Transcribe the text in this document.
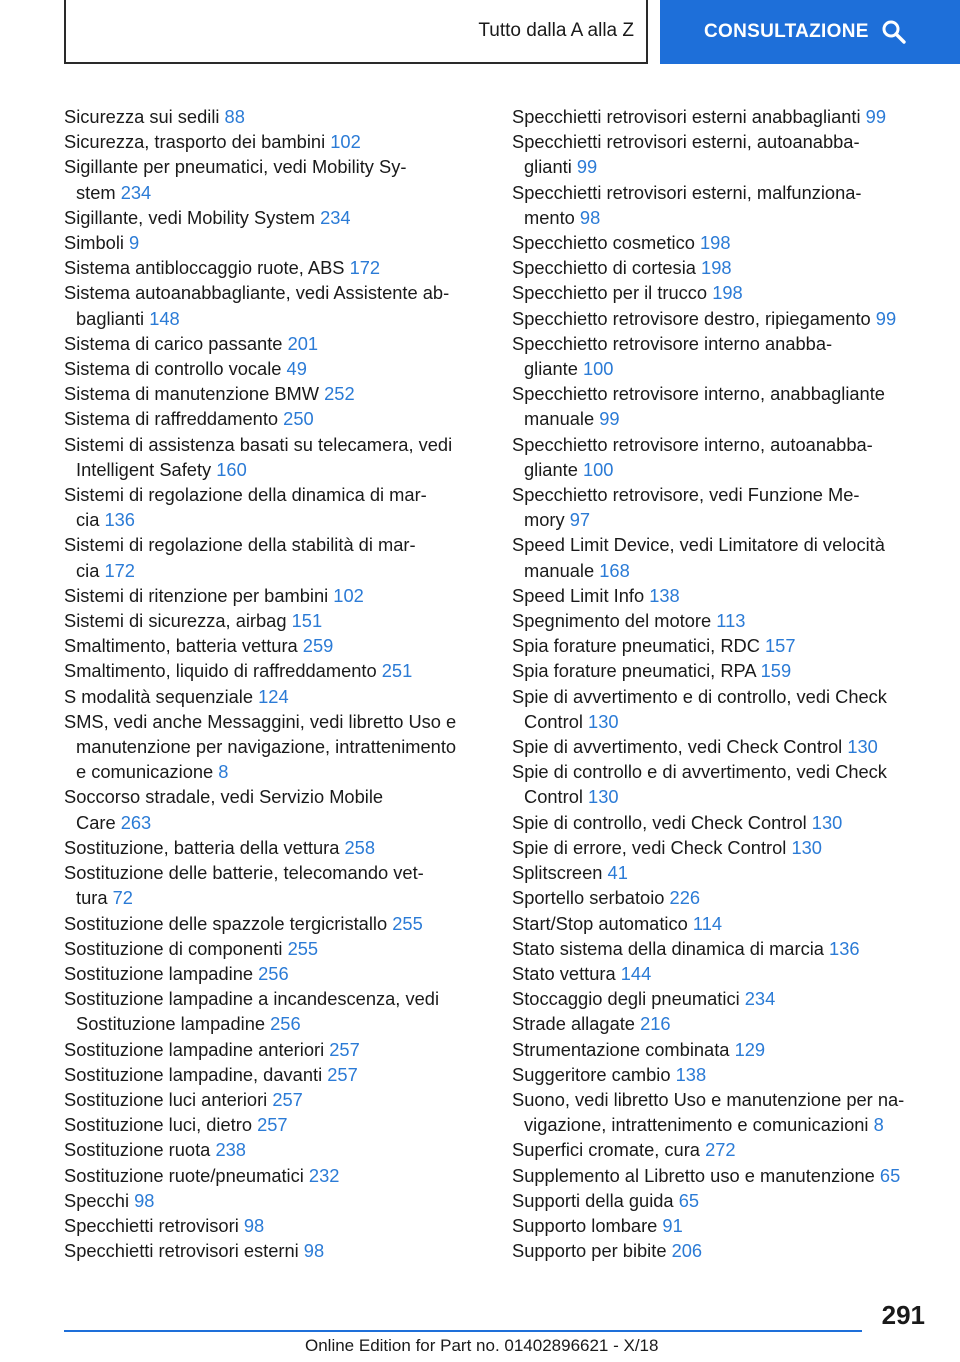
Tutto dalla A alla Z	CONSULTAZIONE
Sicurezza sui sedili 88
Sicurezza, trasporto dei bambini 102
Sigillante per pneumatici, vedi Mobility Sy-
stem 234
Sigillante, vedi Mobility System 234
Simboli 9
Sistema antibloccaggio ruote, ABS 172
Sistema autoanabbagliante, vedi Assistente ab-
baglianti 148
Sistema di carico passante 201
Sistema di controllo vocale 49
Sistema di manutenzione BMW 252
Sistema di raffreddamento 250
Sistemi di assistenza basati su telecamera, vedi
Intelligent Safety 160
Sistemi di regolazione della dinamica di mar-
cia 136
Sistemi di regolazione della stabilità di mar-
cia 172
Sistemi di ritenzione per bambini 102
Sistemi di sicurezza, airbag 151
Smaltimento, batteria vettura 259
Smaltimento, liquido di raffreddamento 251
S modalità sequenziale 124
SMS, vedi anche Messaggini, vedi libretto Uso e
manutenzione per navigazione, intrattenimento
e comunicazione 8
Soccorso stradale, vedi Servizio Mobile
Care 263
Sostituzione, batteria della vettura 258
Sostituzione delle batterie, telecomando vet-
tura 72
Sostituzione delle spazzole tergicristallo 255
Sostituzione di componenti 255
Sostituzione lampadine 256
Sostituzione lampadine a incandescenza, vedi
Sostituzione lampadine 256
Sostituzione lampadine anteriori 257
Sostituzione lampadine, davanti 257
Sostituzione luci anteriori 257
Sostituzione luci, dietro 257
Sostituzione ruota 238
Sostituzione ruote/pneumatici 232
Specchi 98
Specchietti retrovisori 98
Specchietti retrovisori esterni 98
Specchietti retrovisori esterni anabbaglianti 99
Specchietti retrovisori esterni, autoanabba-
glianti 99
Specchietti retrovisori esterni, malfunziona-
mento 98
Specchietto cosmetico 198
Specchietto di cortesia 198
Specchietto per il trucco 198
Specchietto retrovisore destro, ripiegamento 99
Specchietto retrovisore interno anabba-
gliante 100
Specchietto retrovisore interno, anabbagliante
manuale 99
Specchietto retrovisore interno, autoanabba-
gliante 100
Specchietto retrovisore, vedi Funzione Me-
mory 97
Speed Limit Device, vedi Limitatore di velocità
manuale 168
Speed Limit Info 138
Spegnimento del motore 113
Spia forature pneumatici, RDC 157
Spia forature pneumatici, RPA 159
Spie di avvertimento e di controllo, vedi Check
Control 130
Spie di avvertimento, vedi Check Control 130
Spie di controllo e di avvertimento, vedi Check
Control 130
Spie di controllo, vedi Check Control 130
Spie di errore, vedi Check Control 130
Splitscreen 41
Sportello serbatoio 226
Start/Stop automatico 114
Stato sistema della dinamica di marcia 136
Stato vettura 144
Stoccaggio degli pneumatici 234
Strade allagate 216
Strumentazione combinata 129
Suggeritore cambio 138
Suono, vedi libretto Uso e manutenzione per na-
vigazione, intrattenimento e comunicazioni 8
Superfici cromate, cura 272
Supplemento al Libretto uso e manutenzione 65
Supporti della guida 65
Supporto lombare 91
Supporto per bibite 206
291
Online Edition for Part no. 01402896621 - X/18
